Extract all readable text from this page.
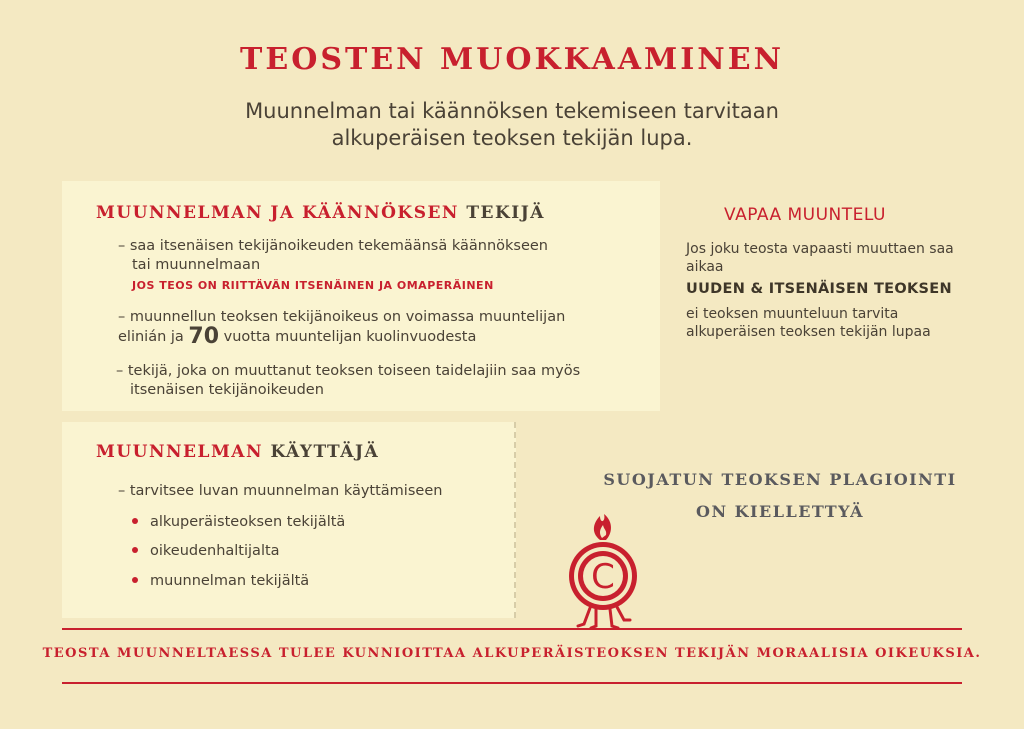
TEOSTEN MUOKKAAMINEN
Muunnelman tai käännöksen tekemiseen tarvitaan
alkuperäisen teoksen tekijän lupa.
MUUNNELMAN JA KÄÄNNÖKSEN TEKIJÄ
– saa itsenäisen tekijänoikeuden tekemäänsä käännökseen
tai muunnelmaan
JOS TEOS ON RIITTÄVÄN ITSENÄINEN JA OMAPERÄINEN
– muunnellun teoksen tekijänoikeus on voimassa muuntelijan
elinián ja 70 vuotta muuntelijan kuolinvuodesta
– tekijä, joka on muuttanut teoksen toiseen taidelajiin saa myös
itsenäisen tekijänoikeuden
MUUNNELMAN KÄYTTÄJÄ
– tarvitsee luvan muunnelman käyttämiseen
alkuperäisteoksen tekijältä
oikeudenhaltijalta
muunnelman tekijältä
VAPAA MUUNTELU
Jos joku teosta vapaasti muuttaen saa aikaa
UUDEN & ITSENÄISEN TEOKSEN
ei teoksen muunteluun tarvita alkuperäisen teoksen tekijän lupaa
SUOJATUN TEOKSEN PLAGIOINTI
ON KIELLETTYÄ
C
TEOSTA MUUNNELTAESSA TULEE KUNNIOITTAA ALKUPERÄISTEOKSEN TEKIJÄN MORAALISIA OIKEUKSIA.
